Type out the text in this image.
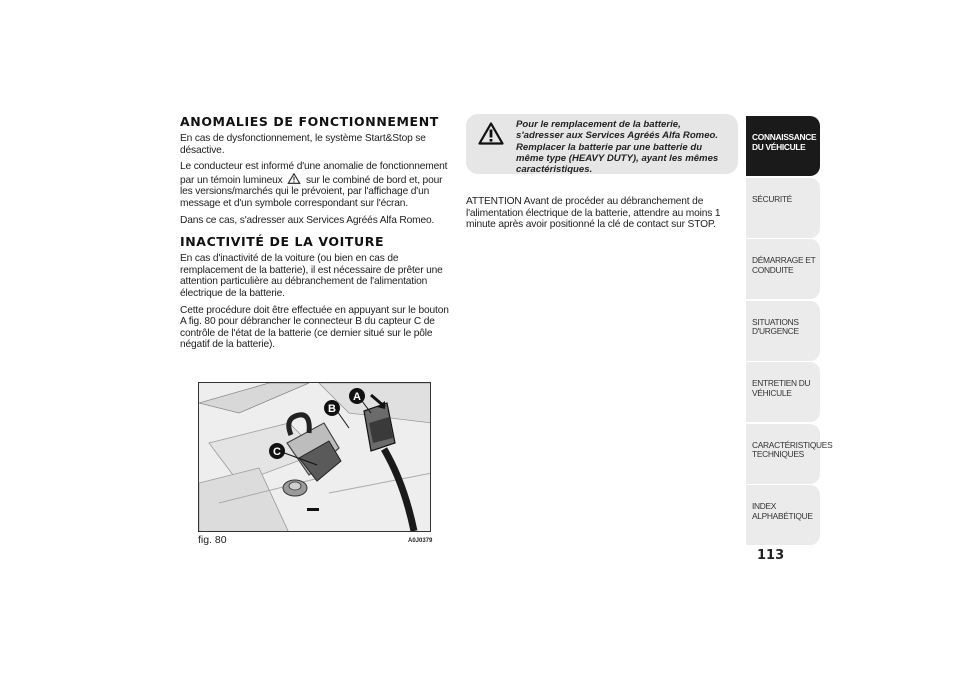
ANOMALIES DE FONCTIONNEMENT

En cas de dysfonctionnement, le système Start&Stop se désactive.

Le conducteur est informé d'une anomalie de fonctionnement par un témoin lumineux sur le combiné de bord et, pour les versions/marchés qui le prévoient, par l'affichage d'un message et d'un symbole correspondant sur l'écran.

Dans ce cas, s'adresser aux Services Agréés Alfa Romeo.

INACTIVITÉ DE LA VOITURE

En cas d'inactivité de la voiture (ou bien en cas de remplacement de la batterie), il est nécessaire de prêter une attention particulière au débranchement de l'alimentation électrique de la batterie.

Cette procédure doit être effectuée en appuyant sur le bouton A fig. 80 pour débrancher le connecteur B du capteur C de contrôle de l'état de la batterie (ce dernier situé sur le pôle négatif de la batterie).

Pour le remplacement de la batterie, s'adresser aux Services Agréés Alfa Romeo. Remplacer la batterie par une batterie du même type (HEAVY DUTY), ayant les mêmes caractéristiques.

ATTENTION Avant de procéder au débranchement de l'alimentation électrique de la batterie, attendre au moins 1 minute après avoir positionné la clé de contact sur STOP.

A
B
C
fig. 80	A0J0379
CONNAISSANCE DU VÉHICULE
SÉCURITÉ
DÉMARRAGE ET CONDUITE
SITUATIONS D'URGENCE
ENTRETIEN DU VÉHICULE
CARACTÉRISTIQUES TECHNIQUES
INDEX ALPHABÉTIQUE
113
